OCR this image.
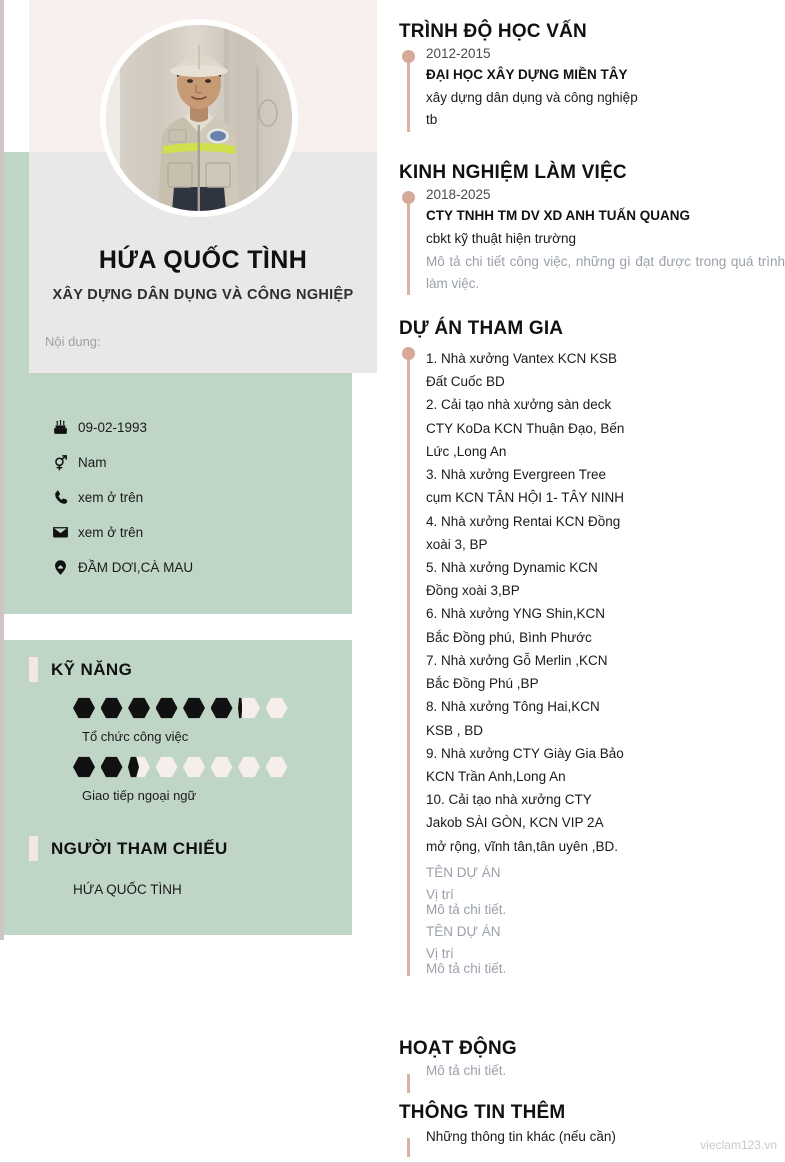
HỨA QUỐC TÌNH
XÂY DỰNG DÂN DỤNG VÀ CÔNG NGHIỆP
Nội dung:
09-02-1993
Nam
xem ở trên
xem ở trên
ĐẦM DƠI,CÀ MAU
KỸ NĂNG
Tổ chức công việc
Giao tiếp ngoại ngữ
NGƯỜI THAM CHIẾU
HỨA QUỐC TÌNH
TRÌNH ĐỘ HỌC VẤN
2012-2015
ĐẠI HỌC XÂY DỰNG MIỀN TÂY
xây dựng dân dụng và công nghiệp
tb
KINH NGHIỆM LÀM VIỆC
2018-2025
CTY TNHH TM DV XD ANH TUẤN QUANG
cbkt kỹ thuật hiện trường
Mô tả chi tiết công việc, những gì đạt được trong quá trình làm việc.
DỰ ÁN THAM GIA
1. Nhà xưởng Vantex KCN KSB
Đất Cuốc BD
2. Cải tạo nhà xưởng sàn deck
CTY KoDa KCN Thuận Đạo, Bến
Lức ,Long An
3. Nhà xưởng Evergreen Tree
cụm KCN TÂN HỘI 1- TÂY NINH
4. Nhà xưởng Rentai KCN Đồng
xoài 3, BP
5. Nhà xưởng Dynamic KCN
Đồng xoài 3,BP
6. Nhà xưởng YNG Shin,KCN
Bắc Đồng phú, Bình Phước
7. Nhà xưởng Gỗ Merlin ,KCN
Bắc Đồng Phú ,BP
8. Nhà xưởng Tông Hai,KCN
KSB , BD
9. Nhà xưởng CTY Giày Gia Bảo
KCN Trần Anh,Long An
10. Cải tạo nhà xưởng CTY
Jakob SÀI GÒN, KCN VIP 2A
mở rộng, vĩnh tân,tân uyên ,BD.
TÊN DỰ ÁN
Vị trí
Mô tả chi tiết.
TÊN DỰ ÁN
Vị trí
Mô tả chi tiết.
HOẠT ĐỘNG
Mô tả chi tiết.
THÔNG TIN THÊM
Những thông tin khác (nếu cần)
vieclam123.vn
